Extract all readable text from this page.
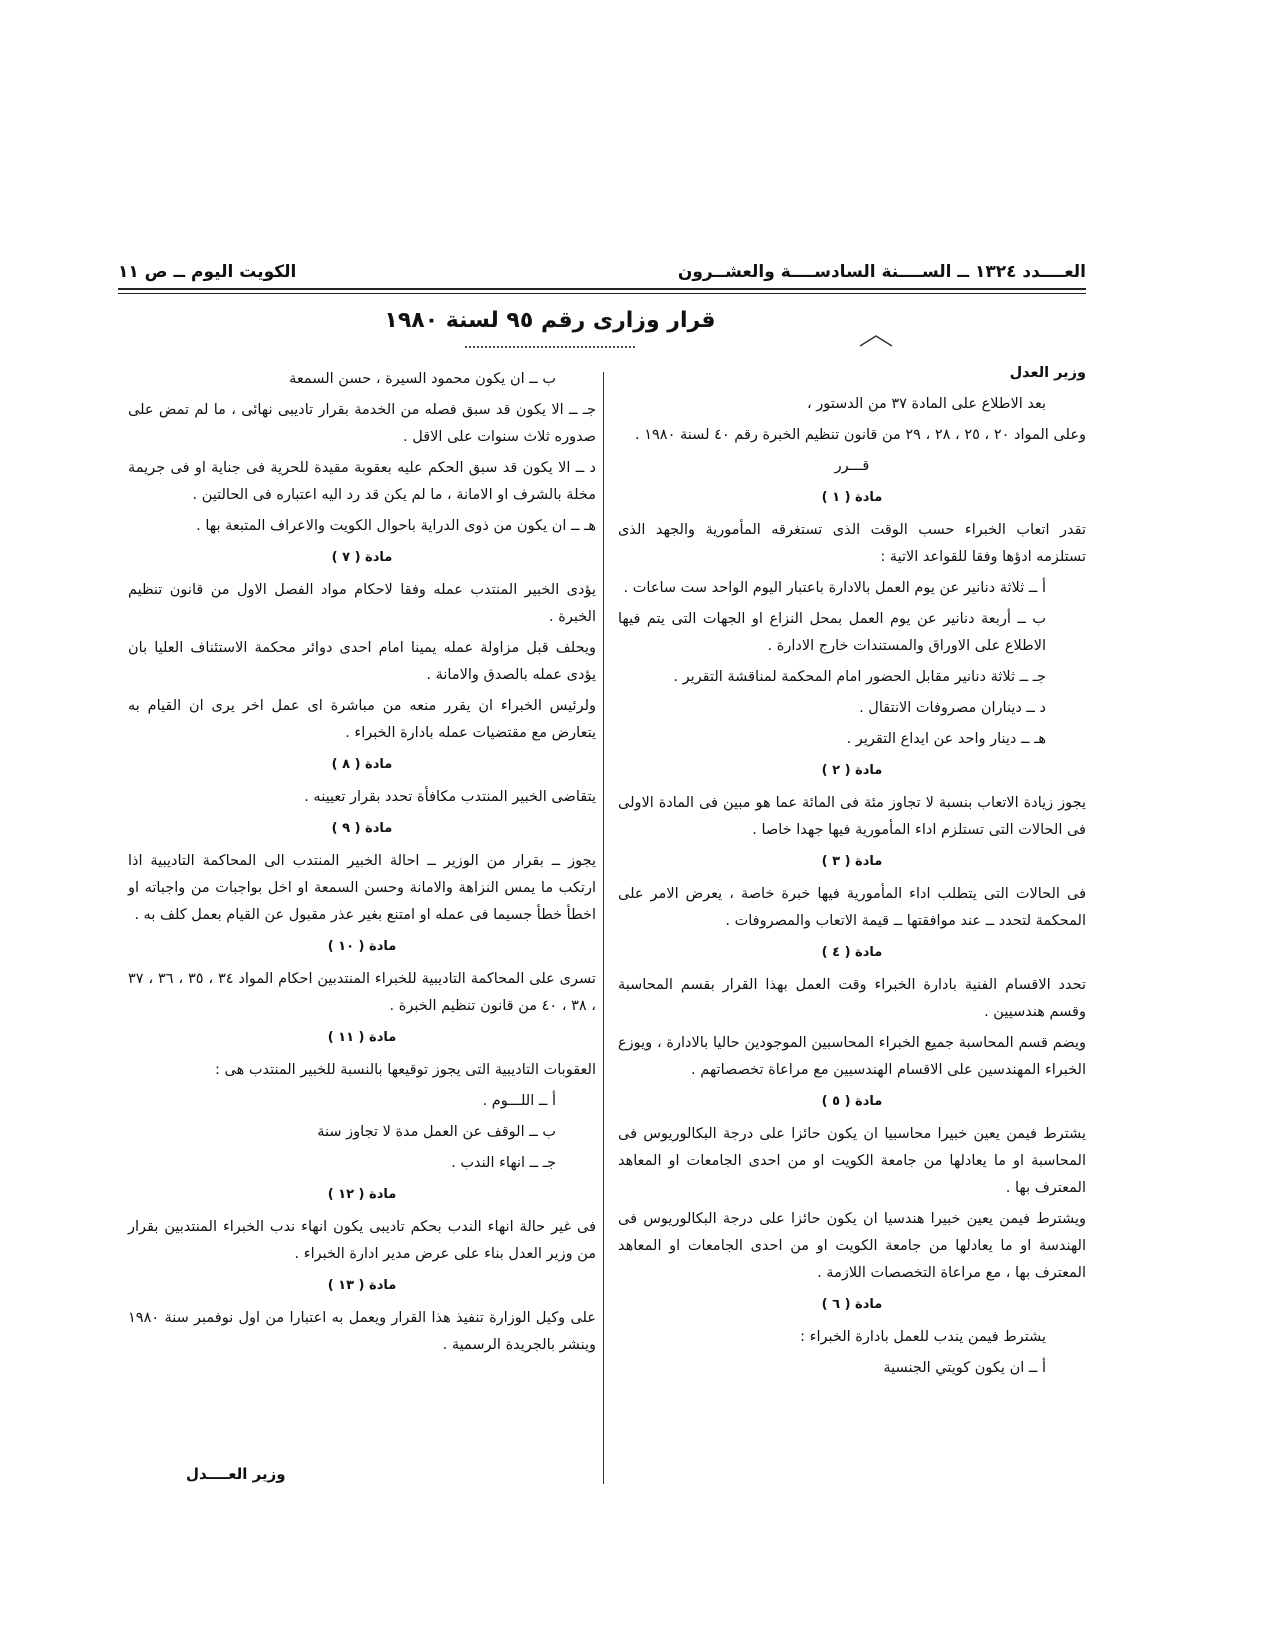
العــــدد ١٣٢٤ ــ الســــنة السادســــة والعشــرون
الكويت اليوم ــ ص ١١
قرار وزارى رقم ٩٥ لسنة ١٩٨٠
وزير العدل
بعد الاطلاع على المادة ٣٧ من الدستور ،
وعلى المواد ٢٠ ، ٢٥ ، ٢٨ ، ٢٩ من قانون تنظيم الخبرة رقم ٤٠ لسنة ١٩٨٠ .
قـــرر
مادة ( ١ )
تقدر اتعاب الخبراء حسب الوقت الذى تستغرقه المأمورية والجهد الذى تستلزمه ادؤها وفقا للقواعد الاتية :
أ ــ ثلاثة دنانير عن يوم العمل بالادارة باعتبار اليوم الواحد ست ساعات .
ب ــ أربعة دنانير عن يوم العمل بمحل النزاع او الجهات التى يتم فيها الاطلاع على الاوراق والمستندات خارج الادارة .
جـ ــ ثلاثة دنانير مقابل الحضور امام المحكمة لمناقشة التقرير .
د ــ ديناران مصروفات الانتقال .
هـ ــ دينار واحد عن ايداع التقرير .
مادة ( ٢ )
يجوز زيادة الاتعاب بنسبة لا تجاوز مئة فى المائة عما هو مبين فى المادة الاولى فى الحالات التى تستلزم اداء المأمورية فيها جهدا خاصا .
مادة ( ٣ )
فى الحالات التى يتطلب اداء المأمورية فيها خبرة خاصة ، يعرض الامر على المحكمة لتحدد ــ عند موافقتها ــ قيمة الاتعاب والمصروفات .
مادة ( ٤ )
تحدد الاقسام الفنية بادارة الخبراء وقت العمل بهذا القرار بقسم المحاسبة وقسم هندسيين .
ويضم قسم المحاسبة جميع الخبراء المحاسبين الموجودين حاليا بالادارة ، ويوزع الخبراء المهندسين على الاقسام الهندسيين مع مراعاة تخصصاتهم .
مادة ( ٥ )
يشترط فيمن يعين خبيرا محاسبيا ان يكون حائزا على درجة البكالوريوس فى المحاسبة او ما يعادلها من جامعة الكويت او من احدى الجامعات او المعاهد المعترف بها .
ويشترط فيمن يعين خبيرا هندسيا ان يكون حائزا على درجة البكالوريوس فى الهندسة او ما يعادلها من جامعة الكويت او من احدى الجامعات او المعاهد المعترف بها ، مع مراعاة التخصصات اللازمة .
مادة ( ٦ )
يشترط فيمن يندب للعمل بادارة الخبراء :
أ ــ ان يكون كويتي الجنسية
ب ــ ان يكون محمود السيرة ، حسن السمعة
جـ ــ الا يكون قد سبق فصله من الخدمة بقرار تاديبى نهائى ، ما لم تمض على صدوره ثلاث سنوات على الاقل .
د ــ الا يكون قد سبق الحكم عليه بعقوبة مقيدة للحرية فى جناية او فى جريمة مخلة بالشرف او الامانة ، ما لم يكن قد رد اليه اعتباره فى الحالتين .
هـ ــ ان يكون من ذوى الدراية باحوال الكويت والاعراف المتبعة بها .
مادة ( ٧ )
يؤدى الخبير المنتدب عمله وفقا لاحكام مواد الفصل الاول من قانون تنظيم الخبرة .
ويحلف قبل مزاولة عمله يمينا امام احدى دوائر محكمة الاستئناف العليا بان يؤدى عمله بالصدق والامانة .
ولرئيس الخبراء ان يقرر منعه من مباشرة اى عمل اخر يرى ان القيام به يتعارض مع مقتضيات عمله بادارة الخبراء .
مادة ( ٨ )
يتقاضى الخبير المنتدب مكافأة تحدد بقرار تعيينه .
مادة ( ٩ )
يجوز ــ بقرار من الوزير ــ احالة الخبير المنتدب الى المحاكمة التاديبية اذا ارتكب ما يمس النزاهة والامانة وحسن السمعة او اخل بواجبات من واجباته او اخطأ خطأ جسيما فى عمله او امتنع بغير عذر مقبول عن القيام بعمل كلف به .
مادة ( ١٠ )
تسرى على المحاكمة التاديبية للخبراء المنتدبين احكام المواد ٣٤ ، ٣٥ ، ٣٦ ، ٣٧ ، ٣٨ ، ٤٠ من قانون تنظيم الخبرة .
مادة ( ١١ )
العقوبات التاديبية التى يجوز توقيعها بالنسبة للخبير المنتدب هى :
أ ــ اللـــوم .
ب ــ الوقف عن العمل مدة لا تجاوز سنة
جـ ــ انهاء الندب .
مادة ( ١٢ )
فى غير حالة انهاء الندب بحكم تاديبى يكون انهاء ندب الخبراء المنتدبين بقرار من وزير العدل بناء على عرض مدير ادارة الخبراء .
مادة ( ١٣ )
على وكيل الوزارة تنفيذ هذا القرار ويعمل به اعتبارا من اول نوفمبر سنة ١٩٨٠ وينشر بالجريدة الرسمية .
وزير العــــدل
